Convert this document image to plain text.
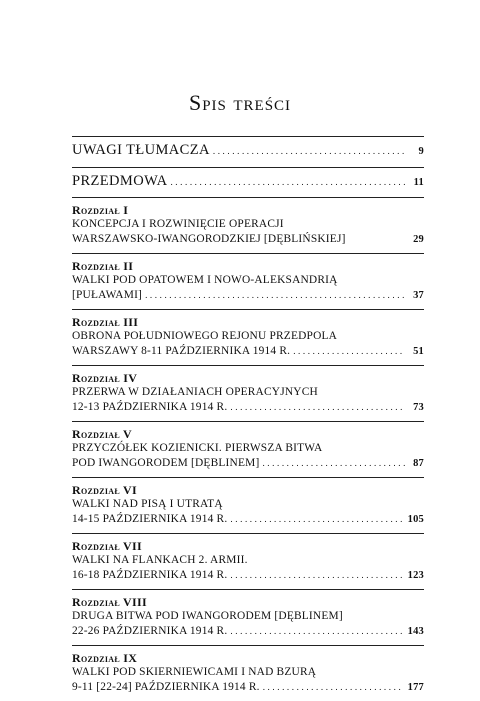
Spis treści
UWAGI TŁUMACZA .....	9
PRZEDMOWA .....	11
Rozdział I
KONCEPCJA I ROZWINIĘCIE OPERACJI
WARSZAWSKO-IWANGORODZKIEJ [DĘBLIŃSKIEJ]	29
Rozdział II
WALKI POD OPATOWEM I NOWO-ALEKSANDRIĄ
[PUŁAWAMI] .....	37
Rozdział III
OBRONA POŁUDNIOWEGO REJONU PRZEDPOLA
WARSZAWY 8-11 PAŹDZIERNIKA 1914 R. .....	51
Rozdział IV
PRZERWA W DZIAŁANIACH OPERACYJNYCH
12-13 PAŹDZIERNIKA 1914 R. .....	73
Rozdział V
PRZYCZÓŁEK KOZIENICKI. PIERWSZA BITWA
POD IWANGORODEM [DĘBLINEM] .....	87
Rozdział VI
WALKI NAD PISĄ I UTRATĄ
14-15 PAŹDZIERNIKA 1914 R. .....	105
Rozdział VII
WALKI NA FLANKACH 2. ARMII.
16-18 PAŹDZIERNIKA 1914 R. .....	123
Rozdział VIII
DRUGA BITWA POD IWANGORODEM [DĘBLINEM]
22-26 PAŹDZIERNIKA 1914 R. .....	143
Rozdział IX
WALKI POD SKIERNIEWICAMI I NAD BZURĄ
9-11 [22-24] PAŹDZIERNIKA 1914 R. .....	177
